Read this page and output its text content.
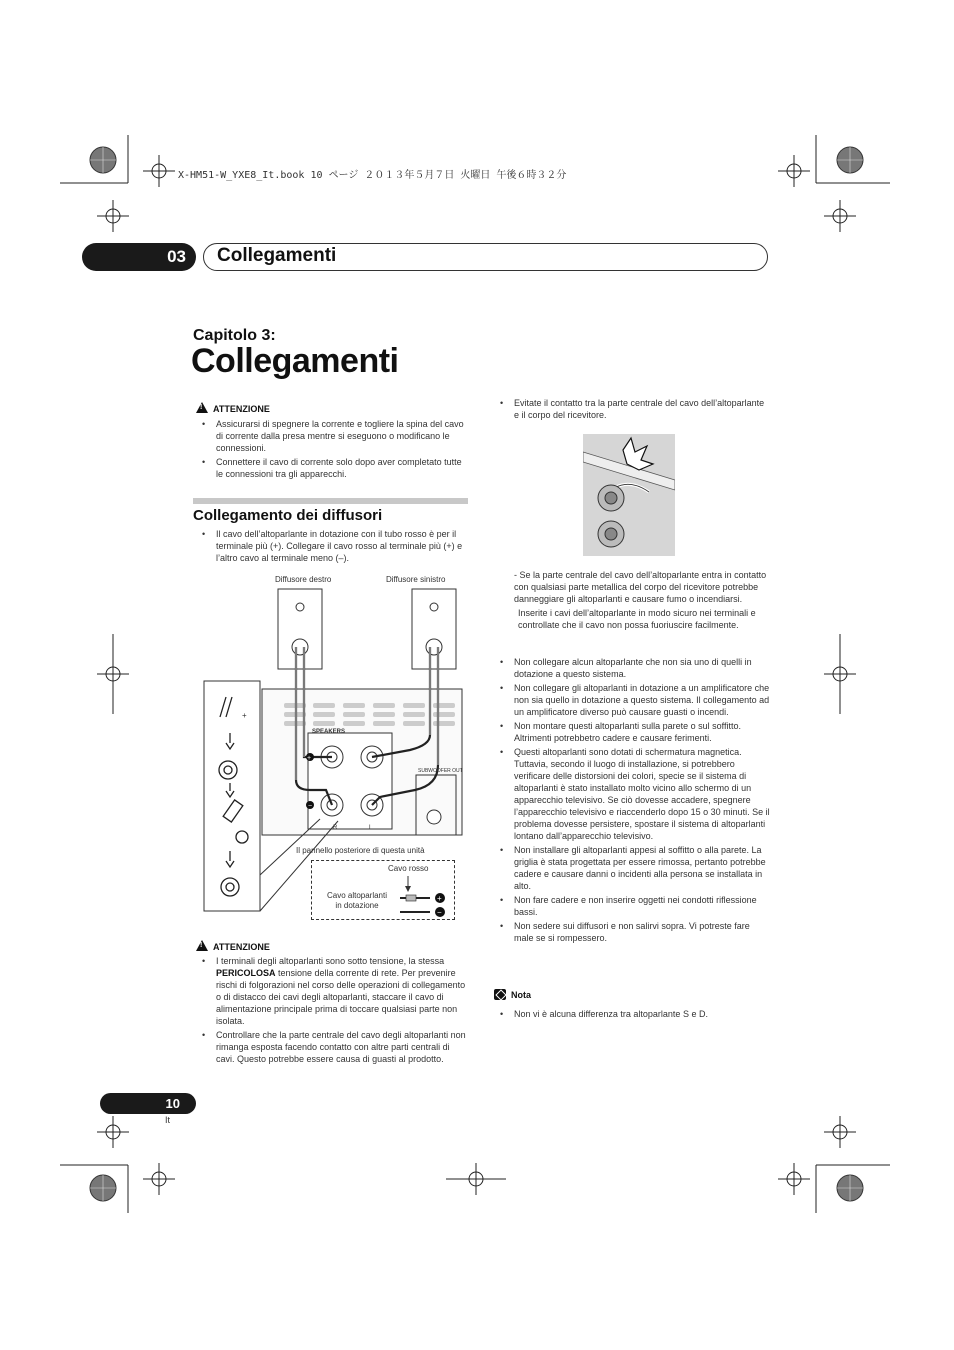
X-HM51-W_YXE8_It.book 10 ページ ２０１３年５月７日 火曜日 午後６時３２分
03	Collegamenti
Capitolo 3:
Collegamenti
!ATTENZIONE
• Assicurarsi di spegnere la corrente e togliere la spina del cavo di corrente dalla presa mentre si eseguono o modificano le connessioni.
• Connettere il cavo di corrente solo dopo aver completato tutte le connessioni tra gli apparecchi.
Collegamento dei diffusori
• Il cavo dell’altoparlante in dotazione con il tubo rosso è per il terminale più (+). Collegare il cavo rosso al terminale più (+) e l’altro cavo al terminale meno (–).
Diffusore destro	Diffusore sinistro
+
−
SPEAKERS
SUBWOOFER OUT
R	L
+
Il pannello posteriore di questa unità
Cavo rosso
Cavo altoparlanti
in dotazione
+
−
!ATTENZIONE
• I terminali degli altoparlanti sono sotto tensione, la stessa PERICOLOSA tensione della corrente di rete. Per prevenire rischi di folgorazioni nel corso delle operazioni di collegamento o di distacco dei cavi degli altoparlanti, staccare il cavo di alimentazione principale prima di toccare qualsiasi parte non isolata.
• Controllare che la parte centrale del cavo degli altoparlanti non rimanga esposta facendo contatto con altre parti centrali di cavi. Questo potrebbe essere causa di guasti al prodotto.
• Evitate il contatto tra la parte centrale del cavo dell’altoparlante e il corpo del ricevitore.
- Se la parte centrale del cavo dell’altoparlante entra in contatto con qualsiasi parte metallica del corpo del ricevitore potrebbe danneggiare gli altoparlanti e causare fumo o incendiarsi.
Inserite i cavi dell’altoparlante in modo sicuro nei terminali e controllate che il cavo non possa fuoriuscire facilmente.
• Non collegare alcun altoparlante che non sia uno di quelli in dotazione a questo sistema.
• Non collegare gli altoparlanti in dotazione a un amplificatore che non sia quello in dotazione a questo sistema. Il collegamento ad un amplificatore diverso può causare guasti o incendi.
• Non montare questi altoparlanti sulla parete o sul soffitto. Altrimenti potrebbetro cadere e causare ferimenti.
• Questi altoparlanti sono dotati di schermatura magnetica. Tuttavia, secondo il luogo di installazione, si potrebbero verificare delle distorsioni dei colori, specie se il sistema di altoparlanti è stato installato molto vicino allo schermo di un apparecchio televisivo. Se ciò dovesse accadere, spegnere l’apparecchio televisivo e riaccenderlo dopo 15 o 30 minuti. Se il problema dovesse persistere, spostare il sistema di altoparlanti lontano dall’apparecchio televisivo.
• Non installare gli altoparlanti appesi al soffitto o alla parete. La griglia è stata progettata per essere rimossa, pertanto potrebbe cadere e causare danni o incidenti alla persona se installata in alto.
• Non fare cadere e non inserire oggetti nei condotti riflessione bassi.
• Non sedere sui diffusori e non salirvi sopra. Vi potreste fare male se si rompessero.
Nota
• Non vi è alcuna differenza tra altoparlante S e D.
10
It
